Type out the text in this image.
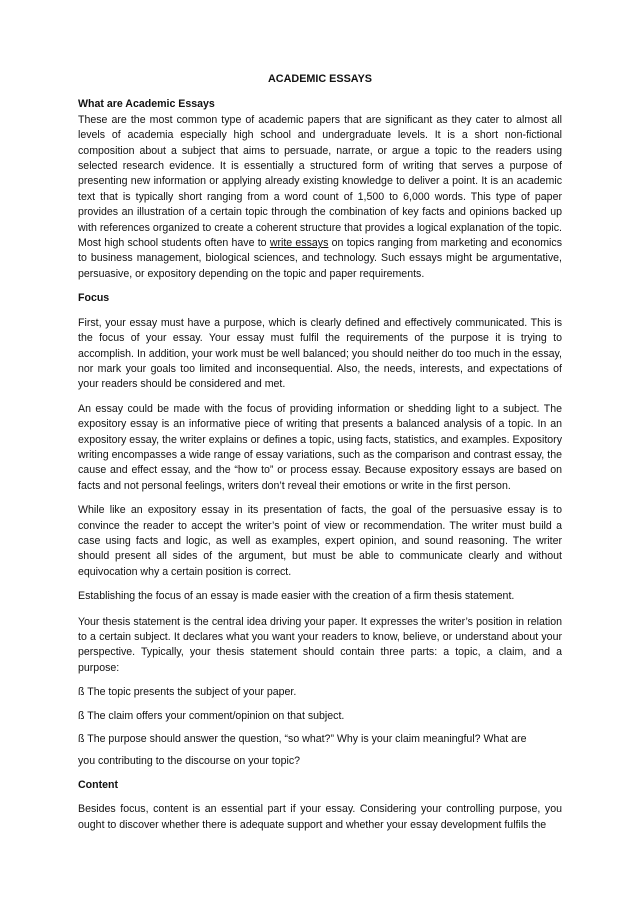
ACADEMIC ESSAYS
What are Academic Essays

These are the most common type of academic papers that are significant as they cater to almost all levels of academia especially high school and undergraduate levels. It is a short non-fictional composition about a subject that aims to persuade, narrate, or argue a topic to the readers using selected research evidence. It is essentially a structured form of writing that serves a purpose of presenting new information or applying already existing knowledge to deliver a point. It is an academic text that is typically short ranging from a word count of 1,500 to 6,000 words. This type of paper provides an illustration of a certain topic through the combination of key facts and opinions backed up with references organized to create a coherent structure that provides a logical explanation of the topic. Most high school students often have to write essays on topics ranging from marketing and economics to business management, biological sciences, and technology. Such essays might be argumentative, persuasive, or expository depending on the topic and paper requirements.

Focus

First, your essay must have a purpose, which is clearly defined and effectively communicated. This is the focus of your essay. Your essay must fulfil the requirements of the purpose it is trying to accomplish. In addition, your work must be well balanced; you should neither do too much in the essay, nor mark your goals too limited and inconsequential. Also, the needs, interests, and expectations of your readers should be considered and met.

An essay could be made with the focus of providing information or shedding light to a subject. The expository essay is an informative piece of writing that presents a balanced analysis of a topic. In an expository essay, the writer explains or defines a topic, using facts, statistics, and examples. Expository writing encompasses a wide range of essay variations, such as the comparison and contrast essay, the cause and effect essay, and the “how to” or process essay. Because expository essays are based on facts and not personal feelings, writers don’t reveal their emotions or write in the first person.

While like an expository essay in its presentation of facts, the goal of the persuasive essay is to convince the reader to accept the writer’s point of view or recommendation. The writer must build a case using facts and logic, as well as examples, expert opinion, and sound reasoning. The writer should present all sides of the argument, but must be able to communicate clearly and without equivocation why a certain position is correct.

Establishing the focus of an essay is made easier with the creation of a firm thesis statement.

Your thesis statement is the central idea driving your paper. It expresses the writer’s position in relation to a certain subject. It declares what you want your readers to know, believe, or understand about your perspective. Typically, your thesis statement should contain three parts: a topic, a claim, and a purpose:

ß The topic presents the subject of your paper.
ß The claim offers your comment/opinion on that subject.
ß The purpose should answer the question, “so what?” Why is your claim meaningful? What are
you contributing to the discourse on your topic?
Content

Besides focus, content is an essential part if your essay. Considering your controlling purpose, you ought to discover whether there is adequate support and whether your essay development fulfils the
